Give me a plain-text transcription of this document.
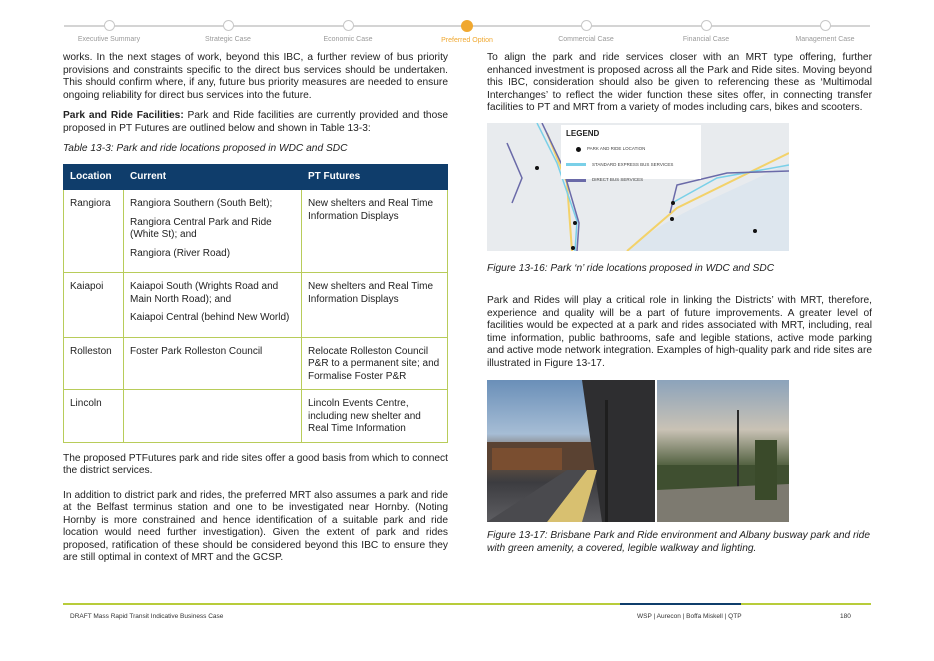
Executive Summary	Strategic Case	Economic Case	Preferred Option	Commercial Case	Financial Case	Management Case

works. In the next stages of work, beyond this IBC, a further review of bus priority provisions and constraints specific to the direct bus services should be undertaken. This should confirm where, if any, future bus priority measures are needed to ensure ongoing reliability for direct bus services into the future.

Park and Ride Facilities: Park and Ride facilities are currently provided and those proposed in PT Futures are outlined below and shown in Table 13-3:

Table 13-3: Park and ride locations proposed in WDC and SDC
Location	Current	PT Futures
Rangiora	Rangiora Southern (South Belt);
Rangiora Central Park and Ride (White St); and
Rangiora (River Road)	New shelters and Real Time Information Displays
Kaiapoi	Kaiapoi South (Wrights Road and Main North Road); and
Kaiapoi Central (behind New World)	New shelters and Real Time Information Displays
Rolleston	Foster Park Rolleston Council	Relocate Rolleston Council P&R to a permanent site; and Formalise Foster P&R
Lincoln		Lincoln Events Centre, including new shelter and Real Time Information

The proposed PTFutures park and ride sites offer a good basis from which to connect the district services.

In addition to district park and rides, the preferred MRT also assumes a park and ride at the Belfast terminus station and one to be investigated near Hornby. (Noting Hornby is more constrained and hence identification of a suitable park and ride location would need further investigation). Given the extent of park and rides proposed, ratification of these should be considered beyond this IBC to ensure they are still optimal in context of MRT and the GCSP.

To align the park and ride services closer with an MRT type offering, further enhanced investment is proposed across all the Park and Ride sites. Moving beyond this IBC, consideration should also be given to referencing these as ‘Multimodal Interchanges’ to reflect the wider function these sites offer, in connecting transfer facilities to PT and MRT from a variety of modes including cars, bikes and scooters.

LEGEND
PARK AND RIDE LOCATION
STANDARD EXPRESS BUS SERVICES
DIRECT BUS SERVICES
Figure 13-16: Park ‘n’ ride locations proposed in WDC and SDC

Park and Rides will play a critical role in linking the Districts’ with MRT, therefore, experience and quality will be a part of future improvements. A greater level of facilities would be expected at a park and rides associated with MRT, including, real time information, public bathrooms, safe and legible stations, active mode parking and active mode network integration. Examples of high-quality park and ride sites are illustrated in Figure 13-17.

Figure 13-17: Brisbane Park and Ride environment and Albany busway park and ride with green amenity, a covered, legible walkway and lighting.
DRAFT Mass Rapid Transit Indicative Business Case	WSP | Aurecon | Boffa Miskell | QTP	180
